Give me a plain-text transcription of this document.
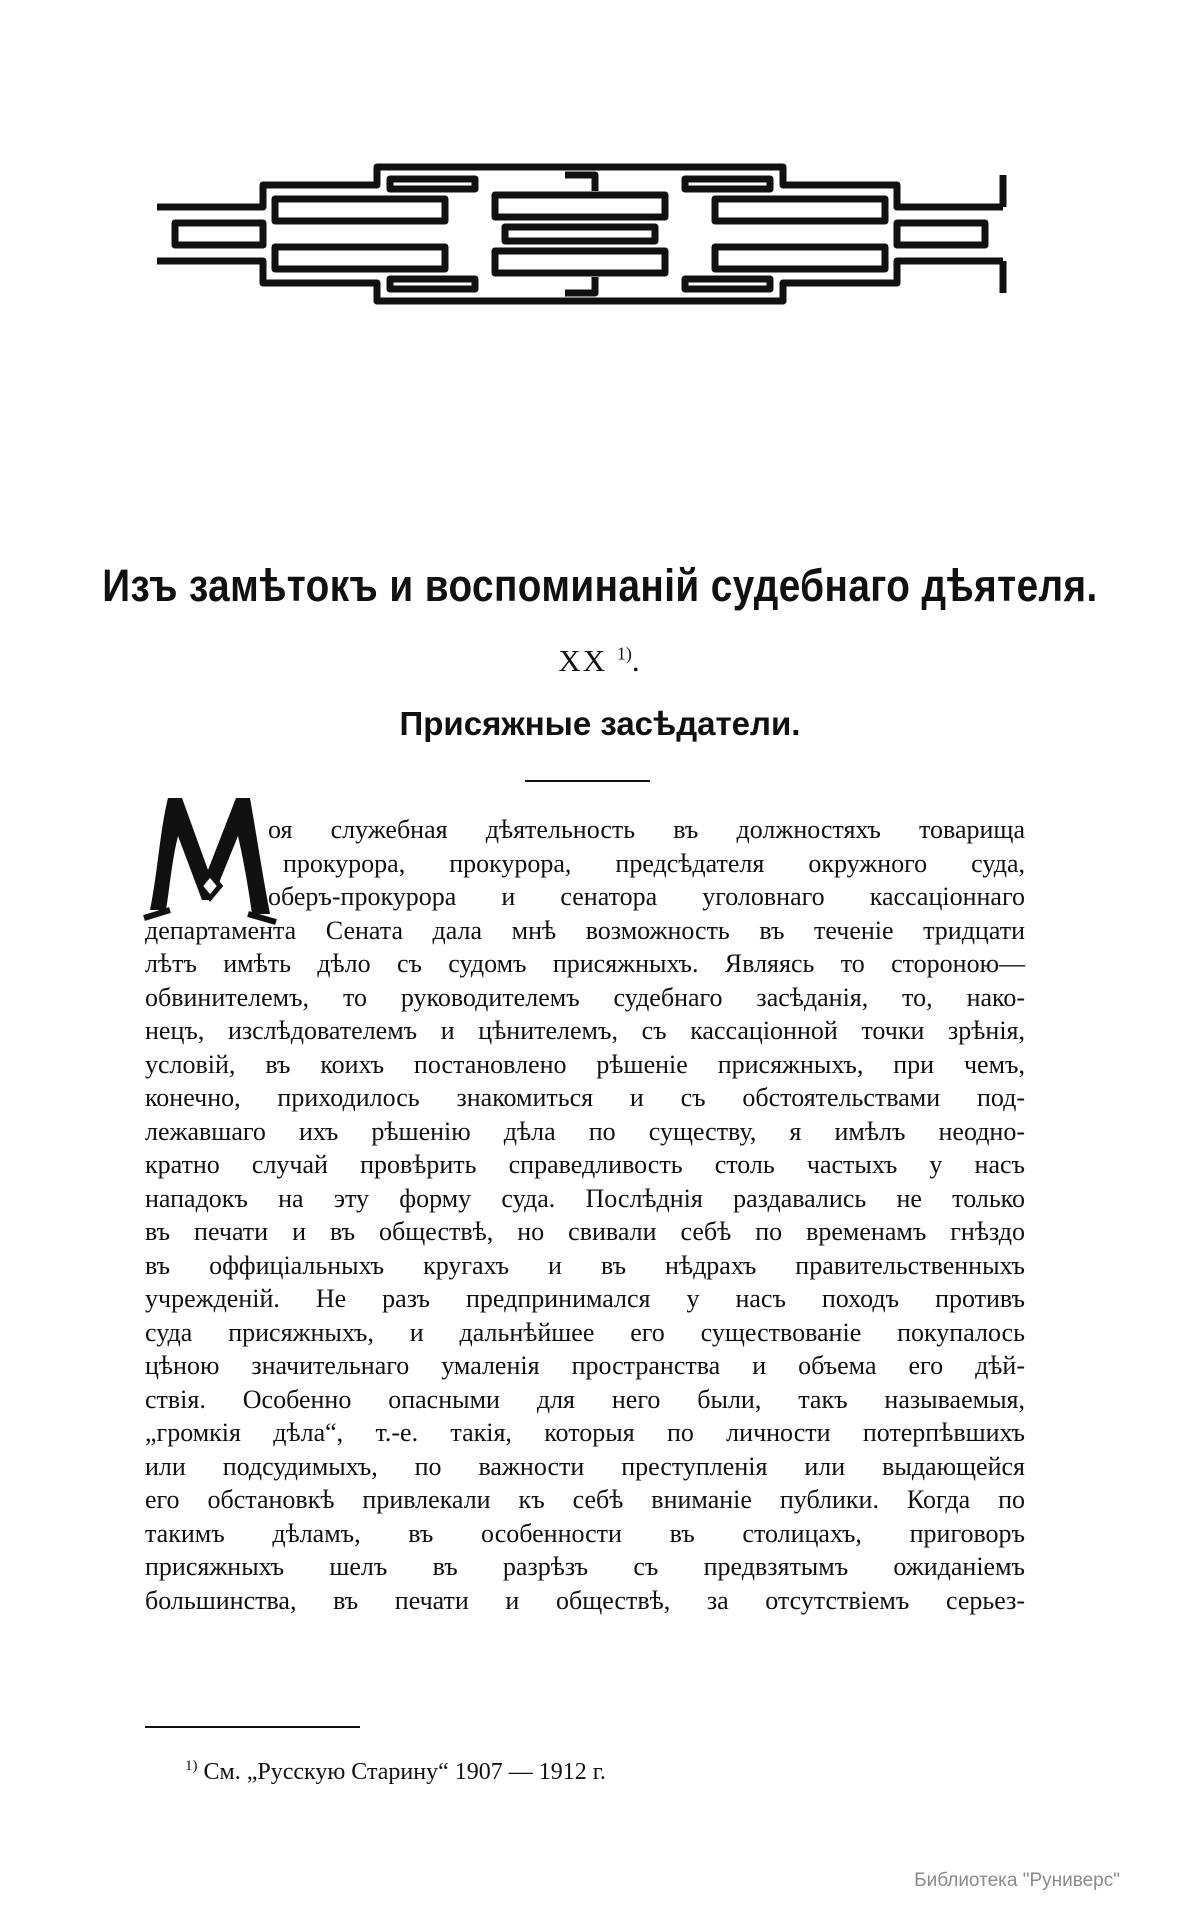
Изъ замѣтокъ и воспоминаній судебнаго дѣятеля.
XX $^{1)}$.
Присяжные засѣдатели.
оя служебная дѣятельность въ должностяхъ товарища
прокурора, прокурора, предсѣдателя окружного суда,
оберъ-прокурора и сенатора уголовнаго кассаціоннаго
департамента Сената дала мнѣ возможность въ теченіе тридцати
лѣтъ имѣть дѣло съ судомъ присяжныхъ. Являясь то стороною—
обвинителемъ, то руководителемъ судебнаго засѣданія, то, нако-
нецъ, изслѣдователемъ и цѣнителемъ, съ кассаціонной точки зрѣнія,
условій, въ коихъ постановлено рѣшеніе присяжныхъ, при чемъ,
конечно, приходилось знакомиться и съ обстоятельствами под-
лежавшаго ихъ рѣшенію дѣла по существу, я имѣлъ неодно-
кратно случай провѣрить справедливость столь частыхъ у насъ
нападокъ на эту форму суда. Послѣднія раздавались не только
въ печати и въ обществѣ, но свивали себѣ по временамъ гнѣздо
въ оффиціальныхъ кругахъ и въ нѣдрахъ правительственныхъ
учрежденій. Не разъ предпринимался у насъ походъ противъ
суда присяжныхъ, и дальнѣйшее его существованіе покупалось
цѣною значительнаго умаленія пространства и объема его дѣй-
ствія. Особенно опасными для него были, такъ называемыя,
„громкія дѣла“, т.-е. такія, которыя по личности потерпѣвшихъ
или подсудимыхъ, по важности преступленія или выдающейся
его обстановкѣ привлекали къ себѣ вниманіе публики. Когда по
такимъ дѣламъ, въ особенности въ столицахъ, приговоръ
присяжныхъ шелъ въ разрѣзъ съ предвзятымъ ожиданіемъ
большинства, въ печати и обществѣ, за отсутствіемъ серьез-
$^{1)}$ См. „Русскую Старину“ 1907 — 1912 г.
Библиотека "Руниверс"
